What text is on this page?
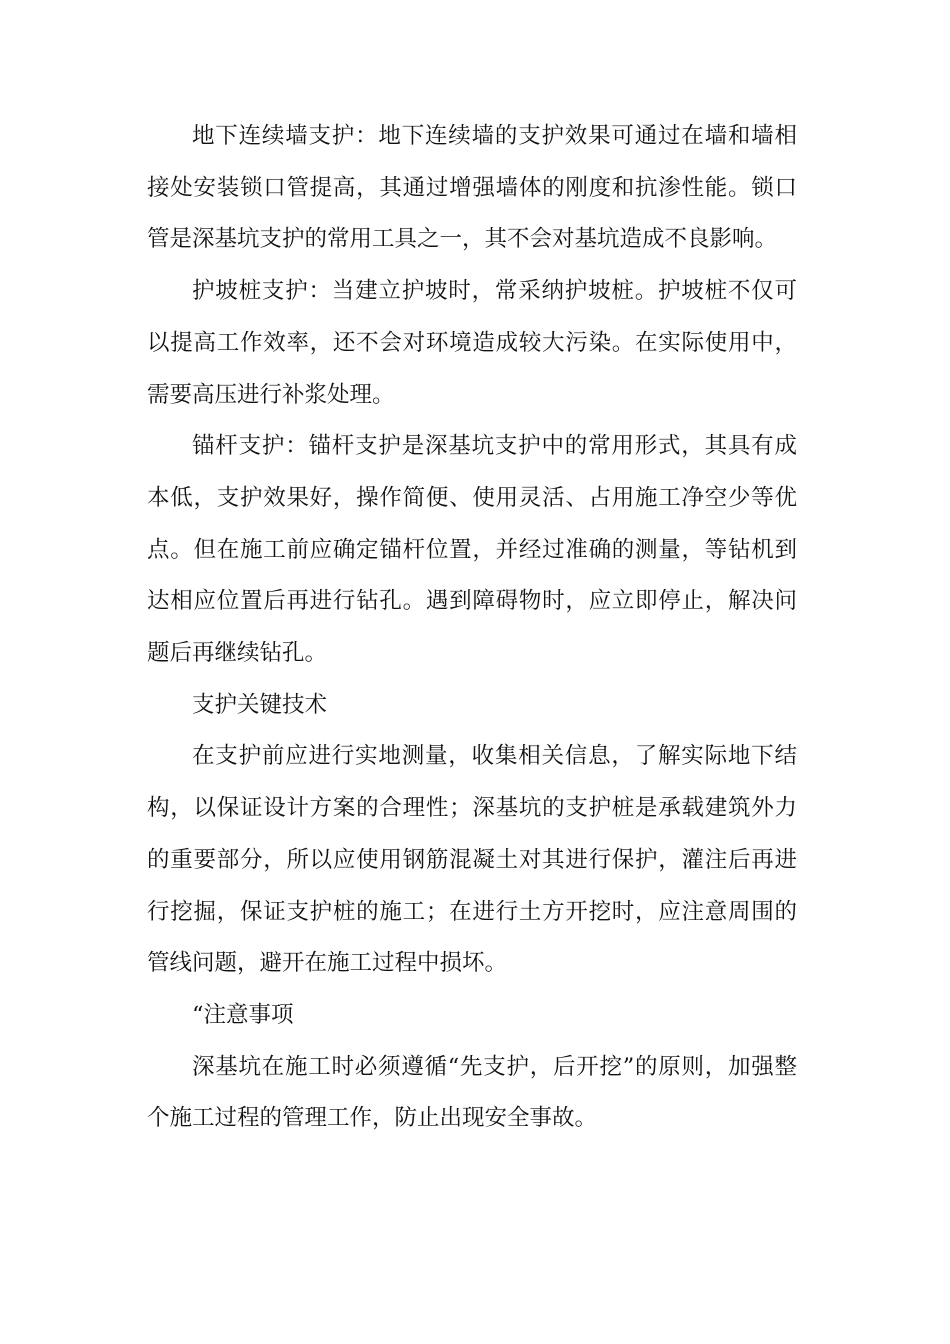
地下连续墙支护：地下连续墙的支护效果可通过在墙和墙相接处安装锁口管提高，其通过增强墙体的刚度和抗渗性能。锁口管是深基坑支护的常用工具之一，其不会对基坑造成不良影响。

护坡桩支护：当建立护坡时，常采纳护坡桩。护坡桩不仅可以提高工作效率，还不会对环境造成较大污染。在实际使用中，需要高压进行补浆处理。

锚杆支护：锚杆支护是深基坑支护中的常用形式，其具有成本低，支护效果好，操作简便、使用灵活、占用施工净空少等优点。但在施工前应确定锚杆位置，并经过准确的测量，等钻机到达相应位置后再进行钻孔。遇到障碍物时，应立即停止，解决问题后再继续钻孔。

支护关键技术

在支护前应进行实地测量，收集相关信息，了解实际地下结构，以保证设计方案的合理性；深基坑的支护桩是承载建筑外力的重要部分，所以应使用钢筋混凝土对其进行保护，灌注后再进行挖掘，保证支护桩的施工；在进行土方开挖时，应注意周围的管线问题，避开在施工过程中损坏。

“注意事项

深基坑在施工时必须遵循“先支护，后开挖”的原则，加强整个施工过程的管理工作，防止出现安全事故。
